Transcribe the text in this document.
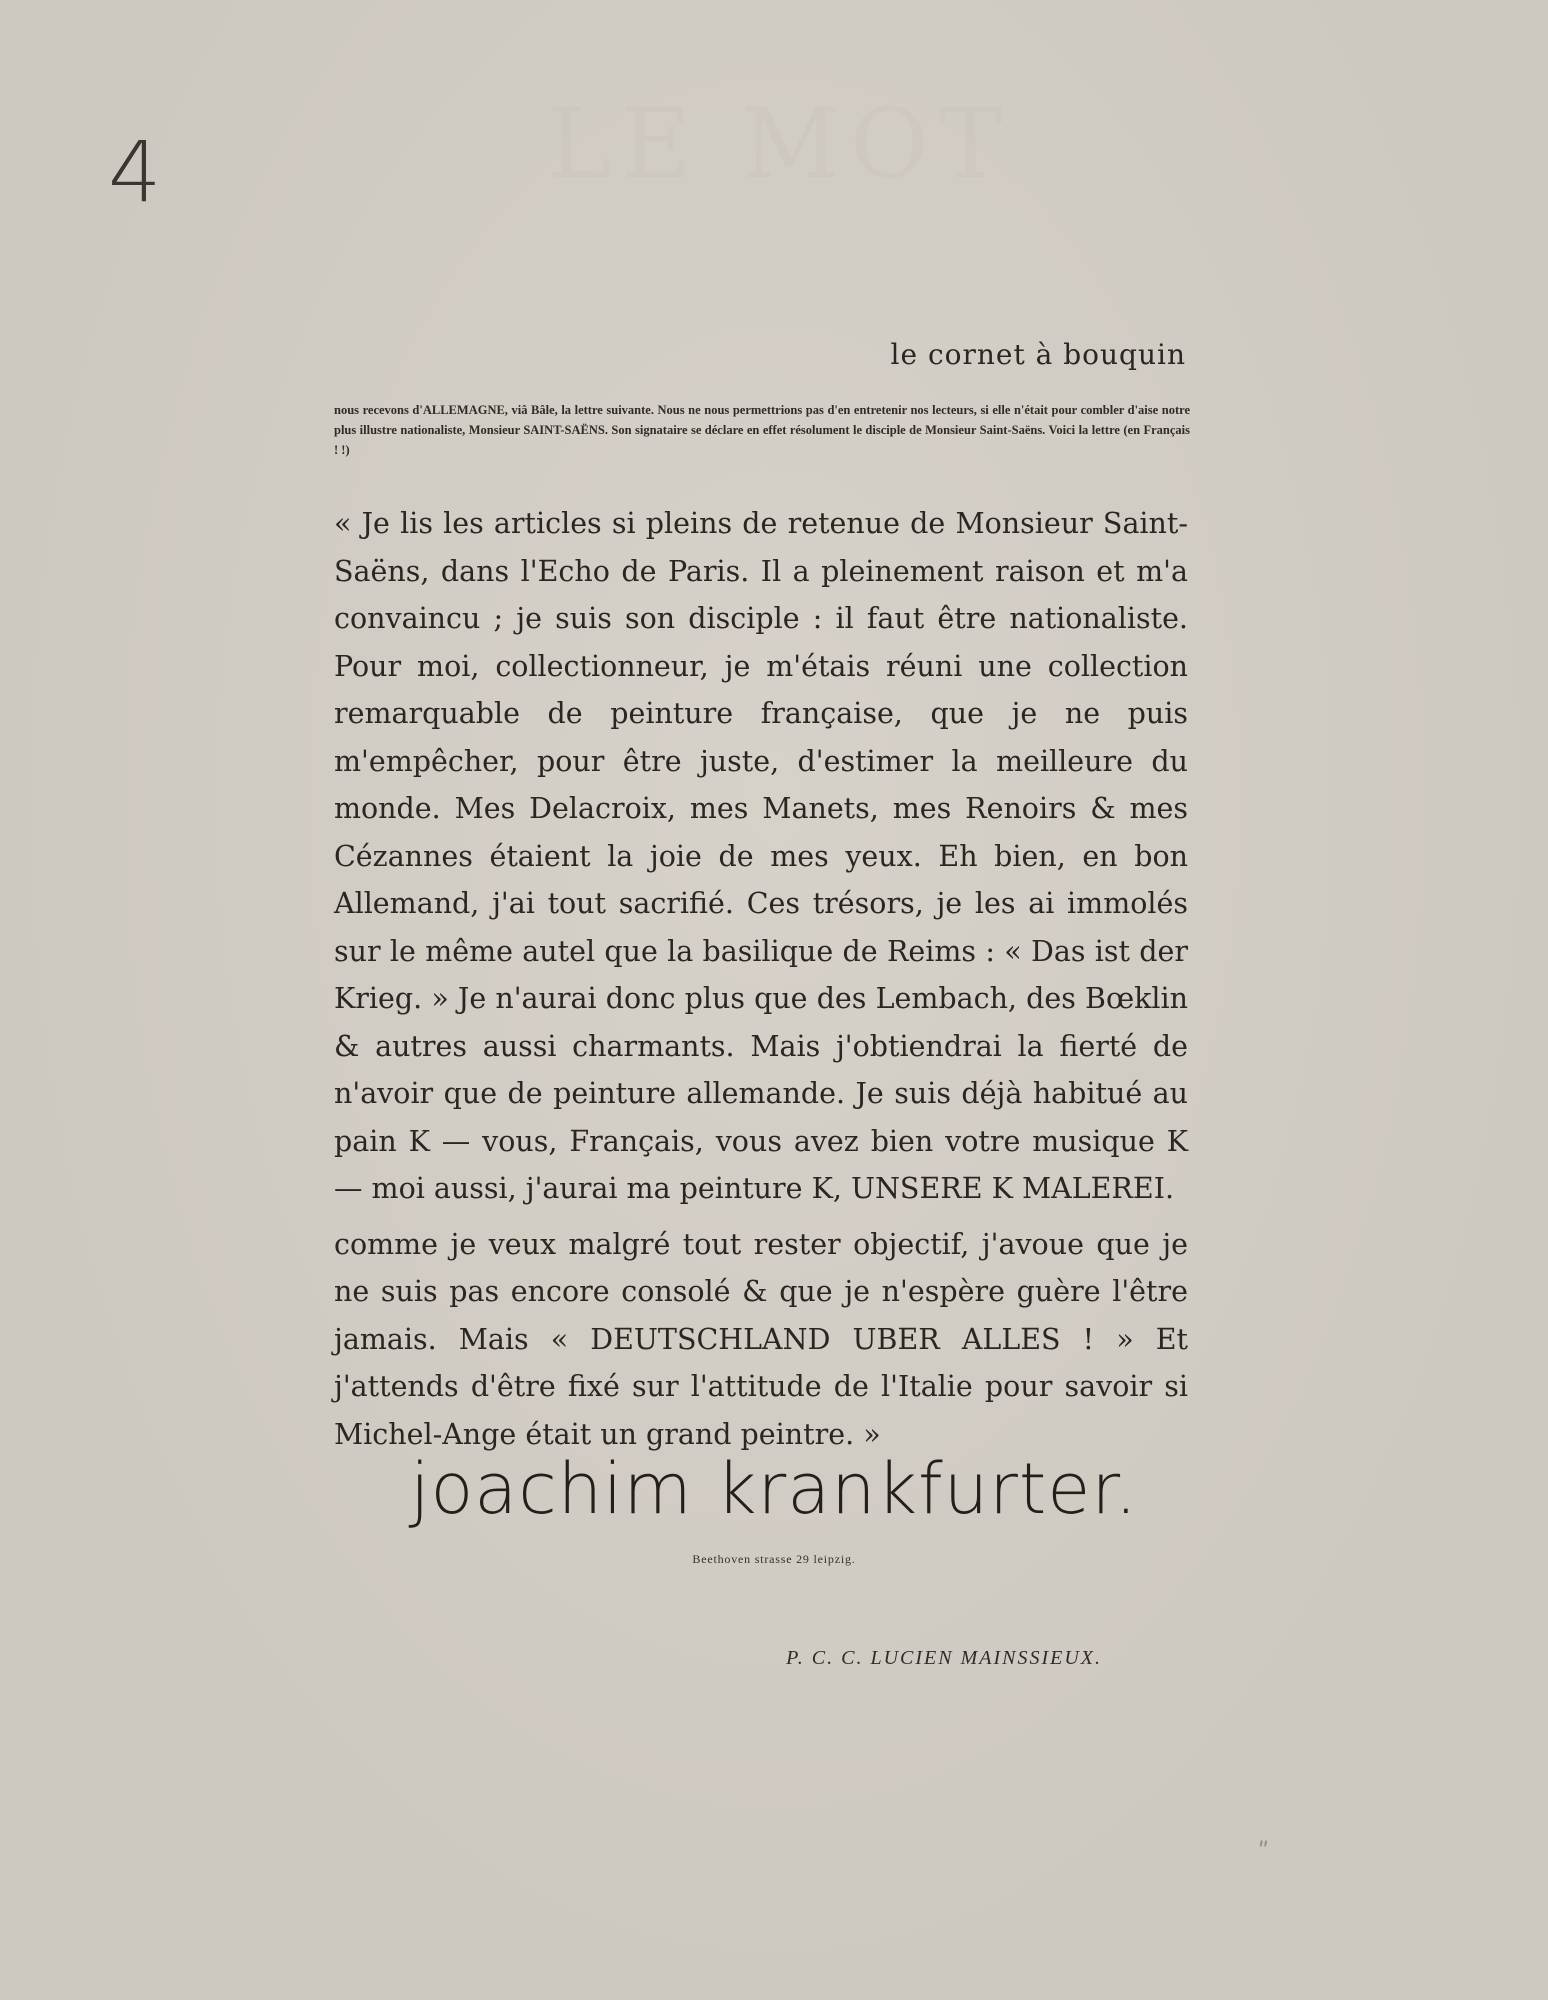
LE MOT
4
le cornet à bouquin
nous recevons d'ALLEMAGNE, viâ Bâle, la lettre suivante. Nous ne nous permettrions pas d'en entretenir nos lecteurs, si elle n'était pour combler d'aise notre plus illustre nationaliste, Monsieur SAINT-SAËNS. Son signataire se déclare en effet résolument le disciple de Monsieur Saint-Saëns. Voici la lettre (en Français ! !)

« Je lis les articles si pleins de retenue de Monsieur Saint-Saëns, dans l'Echo de Paris. Il a pleinement raison et m'a convaincu ; je suis son disciple : il faut être nationaliste. Pour moi, collectionneur, je m'étais réuni une collection remarquable de peinture française, que je ne puis m'empêcher, pour être juste, d'estimer la meilleure du monde. Mes Delacroix, mes Manets, mes Renoirs & mes Cézannes étaient la joie de mes yeux. Eh bien, en bon Allemand, j'ai tout sacrifié. Ces trésors, je les ai immolés sur le même autel que la basilique de Reims : « Das ist der Krieg. » Je n'aurai donc plus que des Lembach, des Bœklin & autres aussi charmants. Mais j'obtiendrai la fierté de n'avoir que de peinture allemande. Je suis déjà habitué au pain K — vous, Français, vous avez bien votre musique K — moi aussi, j'aurai ma peinture K, UNSERE K MALEREI.

comme je veux malgré tout rester objectif, j'avoue que je ne suis pas encore consolé & que je n'espère guère l'être jamais. Mais « DEUTSCHLAND UBER ALLES ! » Et j'attends d'être fixé sur l'attitude de l'Italie pour savoir si Michel-Ange était un grand peintre. »

joachim krankfurter.
Beethoven strasse 29 leipzig.
P. C. C. LUCIEN MAINSSIEUX.
ʺ
